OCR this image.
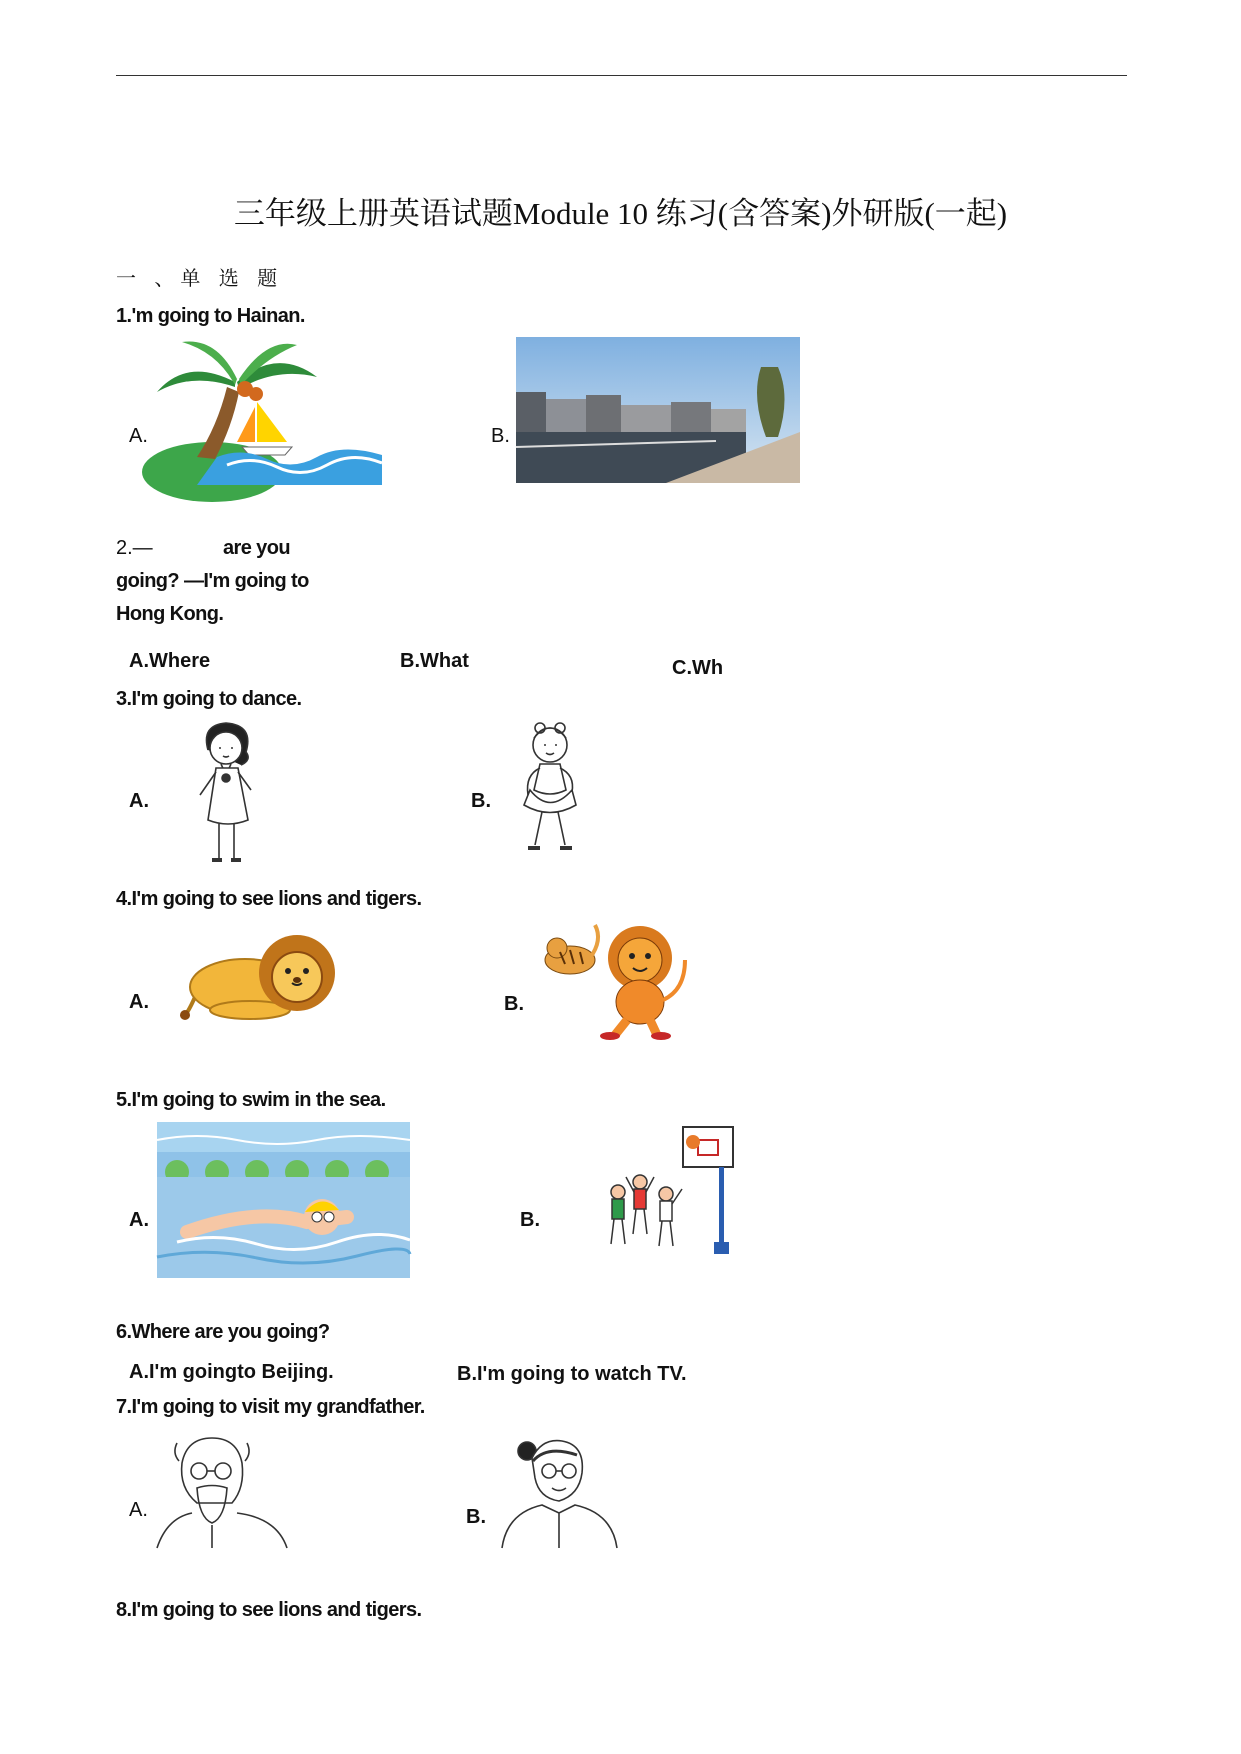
三年级上册英语试题Module 10 练习(含答案)外研版(一起)
一 、单 选 题
1.'m going to Hainan.
A.	B.
2.—	are you
going? —I'm going to
Hong Kong.
A.Where	B.What	C.Wh
3.I'm going to dance.
A.	B.
4.I'm going to see lions and tigers.
A.	B.
5.I'm going to swim in the sea.
A.	B.
6.Where are you going?
A.I'm goingto Beijing.	B.I'm going to watch TV.
7.I'm going to visit my grandfather.
A.	B.
8.I'm going to see lions and tigers.
